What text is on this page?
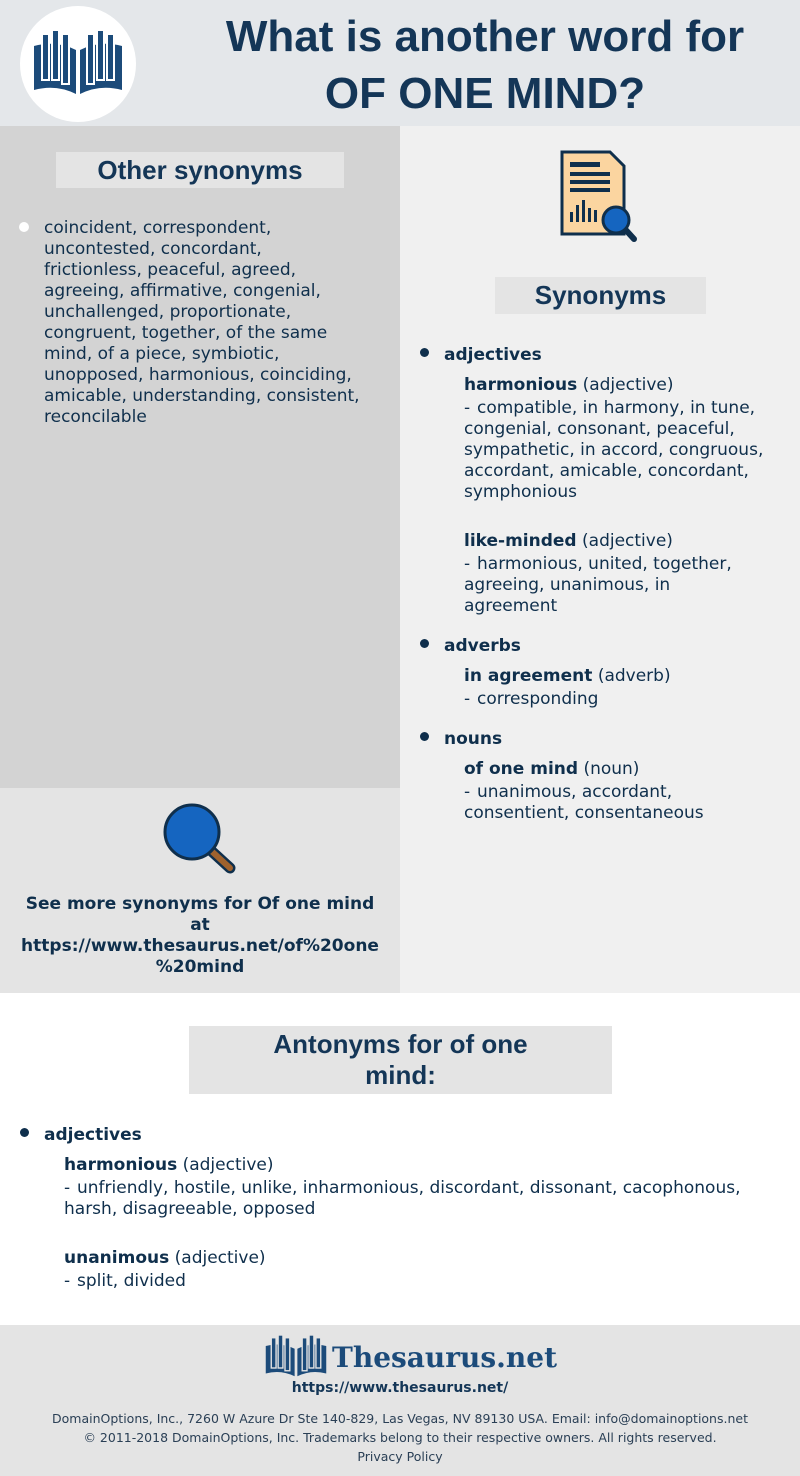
What is another word for
OF ONE MIND?
Other synonyms
coincident, correspondent,
uncontested, concordant,
frictionless, peaceful, agreed,
agreeing, affirmative, congenial,
unchallenged, proportionate,
congruent, together, of the same
mind, of a piece, symbiotic,
unopposed, harmonious, coinciding,
amicable, understanding, consistent,
reconcilable
See more synonyms for Of one mind
at
https://www.thesaurus.net/of%20one
%20mind
Synonyms
adjectives
harmonious (adjective)
- compatible, in harmony, in tune,
congenial, consonant, peaceful,
sympathetic, in accord, congruous,
accordant, amicable, concordant,
symphonious
like-minded (adjective)
- harmonious, united, together,
agreeing, unanimous, in
agreement
adverbs
in agreement (adverb)
- corresponding
nouns
of one mind (noun)
- unanimous, accordant,
consentient, consentaneous
Antonyms for of one
mind:
adjectives
harmonious (adjective)
- unfriendly, hostile, unlike, inharmonious, discordant, dissonant, cacophonous,
harsh, disagreeable, opposed
unanimous (adjective)
- split, divided
Thesaurus.net
https://www.thesaurus.net/
DomainOptions, Inc., 7260 W Azure Dr Ste 140-829, Las Vegas, NV 89130 USA. Email: info@domainoptions.net
© 2011-2018 DomainOptions, Inc. Trademarks belong to their respective owners. All rights reserved.
Privacy Policy
